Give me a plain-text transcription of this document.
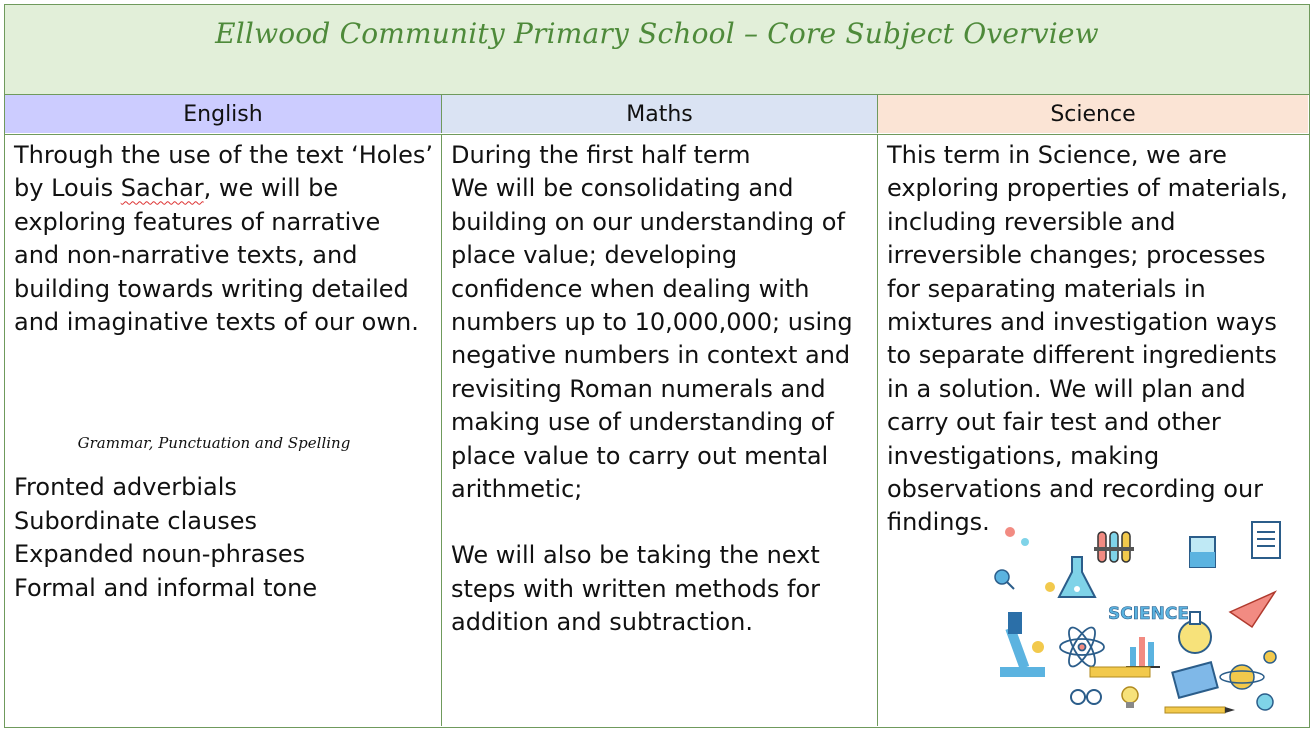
Ellwood Community Primary School – Core Subject Overview
English	Maths	Science

Through the use of the text ‘Holes’ by Louis Sachar, we will be exploring features of narrative and non-narrative texts, and building towards writing detailed and imaginative texts of our own.

Grammar, Punctuation and Spelling
Fronted adverbials
Subordinate clauses
Expanded noun-phrases
Formal and informal tone
During the first half term
We will be consolidating and building on our understanding of place value; developing confidence when dealing with numbers up to 10,000,000; using negative numbers in context and revisiting Roman numerals and making use of understanding of place value to carry out mental arithmetic;
We will also be taking the next steps with written methods for addition and subtraction.
This term in Science, we are exploring properties of materials, including reversible and irreversible changes; processes for separating materials in mixtures and investigation ways to separate different ingredients in a solution. We will plan and carry out fair test and other investigations, making observations and recording our findings.
SCIENCE
